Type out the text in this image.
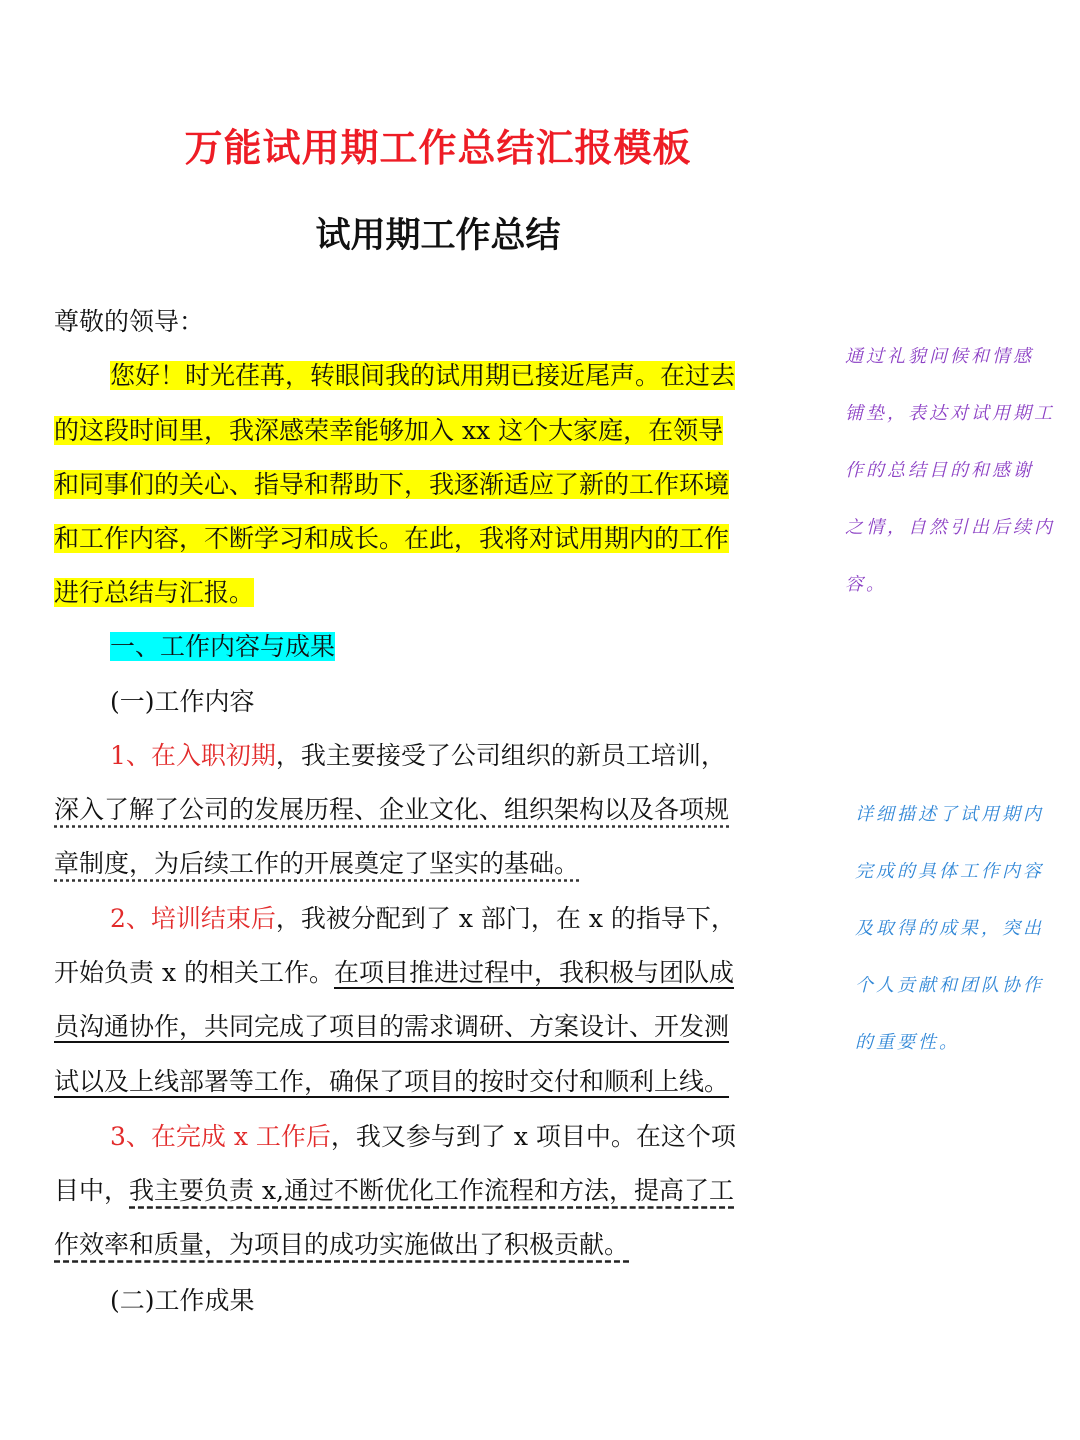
万能试用期工作总结汇报模板
试用期工作总结
尊敬的领导：
您好！时光荏苒，转眼间我的试用期已接近尾声。在过去
的这段时间里，我深感荣幸能够加入 xx 这个大家庭，在领导
和同事们的关心、指导和帮助下，我逐渐适应了新的工作环境
和工作内容，不断学习和成长。在此，我将对试用期内的工作
进行总结与汇报。
一、工作内容与成果
(一)工作内容
1、在入职初期，我主要接受了公司组织的新员工培训，
深入了解了公司的发展历程、企业文化、组织架构以及各项规
章制度，为后续工作的开展奠定了坚实的基础。
2、培训结束后，我被分配到了 x 部门，在 x 的指导下，
开始负责 x 的相关工作。在项目推进过程中，我积极与团队成
员沟通协作，共同完成了项目的需求调研、方案设计、开发测
试以及上线部署等工作，确保了项目的按时交付和顺利上线。
3、在完成 x 工作后，我又参与到了 x 项目中。在这个项
目中，我主要负责 x,通过不断优化工作流程和方法，提高了工
作效率和质量，为项目的成功实施做出了积极贡献。
(二)工作成果
通过礼貌问候和情感
铺垫，表达对试用期工
作的总结目的和感谢
之情，自然引出后续内
容。
详细描述了试用期内
完成的具体工作内容
及取得的成果，突出
个人贡献和团队协作
的重要性。
